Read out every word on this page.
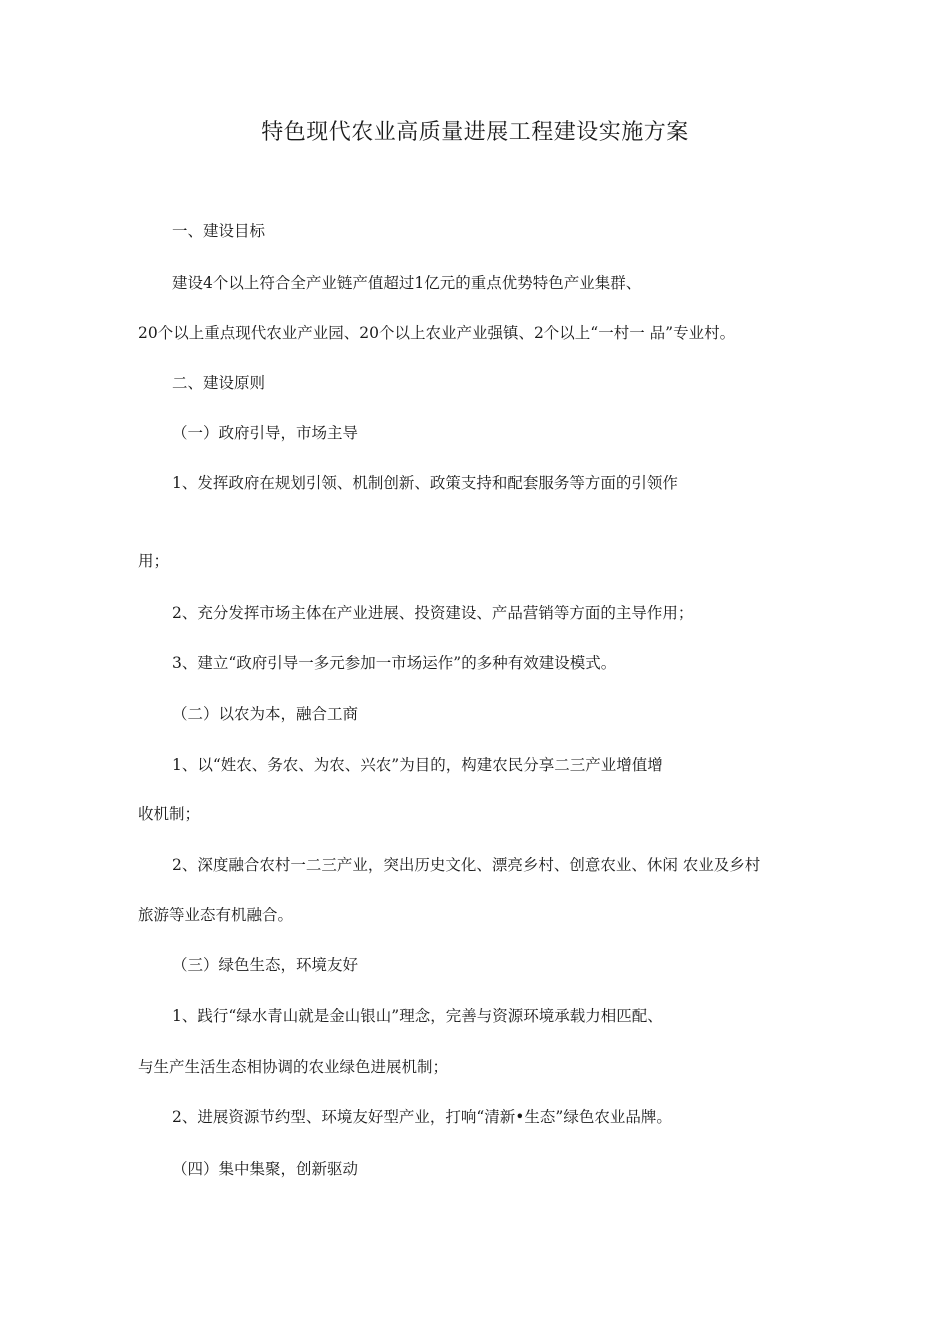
特色现代农业高质量进展工程建设实施方案
一、建设目标
建设4个以上符合全产业链产值超过1亿元的重点优势特色产业集群、
20个以上重点现代农业产业园、20个以上农业产业强镇、2个以上“一村一 品”专业村。
二、建设原则
（一）政府引导，市场主导
1、发挥政府在规划引领、机制创新、政策支持和配套服务等方面的引领作
用；
2、充分发挥市场主体在产业进展、投资建设、产品营销等方面的主导作用；
3、建立“政府引导一多元参加一市场运作”的多种有效建设模式。
（二）以农为本，融合工商
1、以“姓农、务农、为农、兴农”为目的，构建农民分享二三产业增值增
收机制；
2、深度融合农村一二三产业，突出历史文化、漂亮乡村、创意农业、休闲 农业及乡村
旅游等业态有机融合。
（三）绿色生态，环境友好
1、践行“绿水青山就是金山银山”理念，完善与资源环境承载力相匹配、
与生产生活生态相协调的农业绿色进展机制；
2、进展资源节约型、环境友好型产业，打响“清新•生态”绿色农业品牌。
（四）集中集聚，创新驱动
